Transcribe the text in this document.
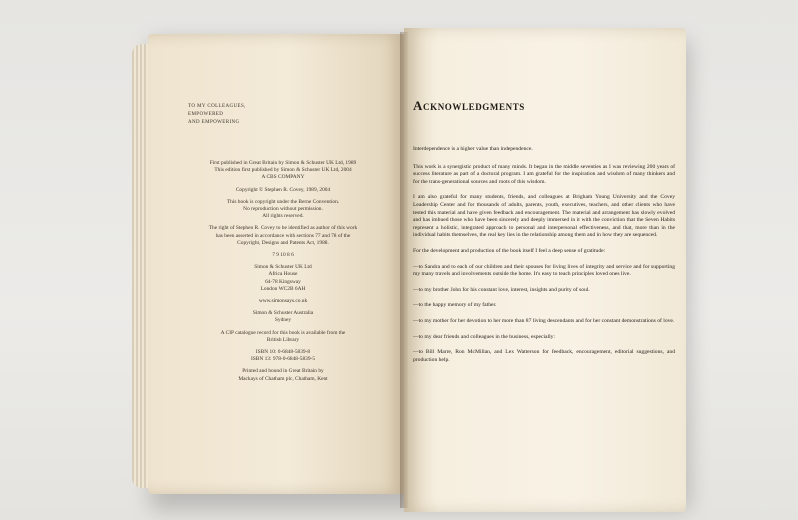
TO MY COLLEAGUES,
EMPOWERED
AND EMPOWERING
First published in Great Britain by Simon & Schuster UK Ltd, 1989
This edition first published by Simon & Schuster UK Ltd, 2004
A CBS COMPANY
Copyright © Stephen R. Covey, 1989, 2004
This book is copyright under the Berne Convention.
No reproduction without permission.
All rights reserved.
The right of Stephen R. Covey to be identified as author of this work
has been asserted in accordance with sections 77 and 78 of the
Copyright, Designs and Patents Act, 1988.
7 9 10 8 6
Simon & Schuster UK Ltd
Africa House
64-78 Kingsway
London WC2B 6AH
www.simonsays.co.uk
Simon & Schuster Australia
Sydney
A CIP catalogue record for this book is available from the
British Library
ISBN 10: 0-6848-5839-8
ISBN 13: 978-0-6848-5839-5
Printed and bound in Great Britain by
Mackays of Chatham plc, Chatham, Kent
Acknowledgments

Interdependence is a higher value than independence.

This work is a synergistic product of many minds. It began in the middle seventies as I was reviewing 200 years of success literature as part of a doctoral program. I am grateful for the inspiration and wisdom of many thinkers and for the trans-generational sources and roots of this wisdom.

I am also grateful for many students, friends, and colleagues at Brigham Young University and the Covey Leadership Center and for thousands of adults, parents, youth, executives, teachers, and other clients who have tested this material and have given feedback and encouragement. The material and arrangement has slowly evolved and has imbued those who have been sincerely and deeply immersed in it with the conviction that the Seven Habits represent a holistic, integrated approach to personal and interpersonal effectiveness, and that, more than in the individual habits themselves, the real key lies in the relationship among them and in how they are sequenced.

For the development and production of the book itself I feel a deep sense of gratitude:

—to Sandra and to each of our children and their spouses for living lives of integrity and service and for supporting my many travels and involvements outside the home. It's easy to teach principles loved ones live.

—to my brother John for his constant love, interest, insights and purity of soul.

—to the happy memory of my father.

—to my mother for her devotion to her more than 87 living descendants and for her constant demonstrations of love.

—to my dear friends and colleagues in the business, especially:

—to Bill Marre, Ron McMillan, and Lex Watterson for feedback, encouragement, editorial suggestions, and production help.
